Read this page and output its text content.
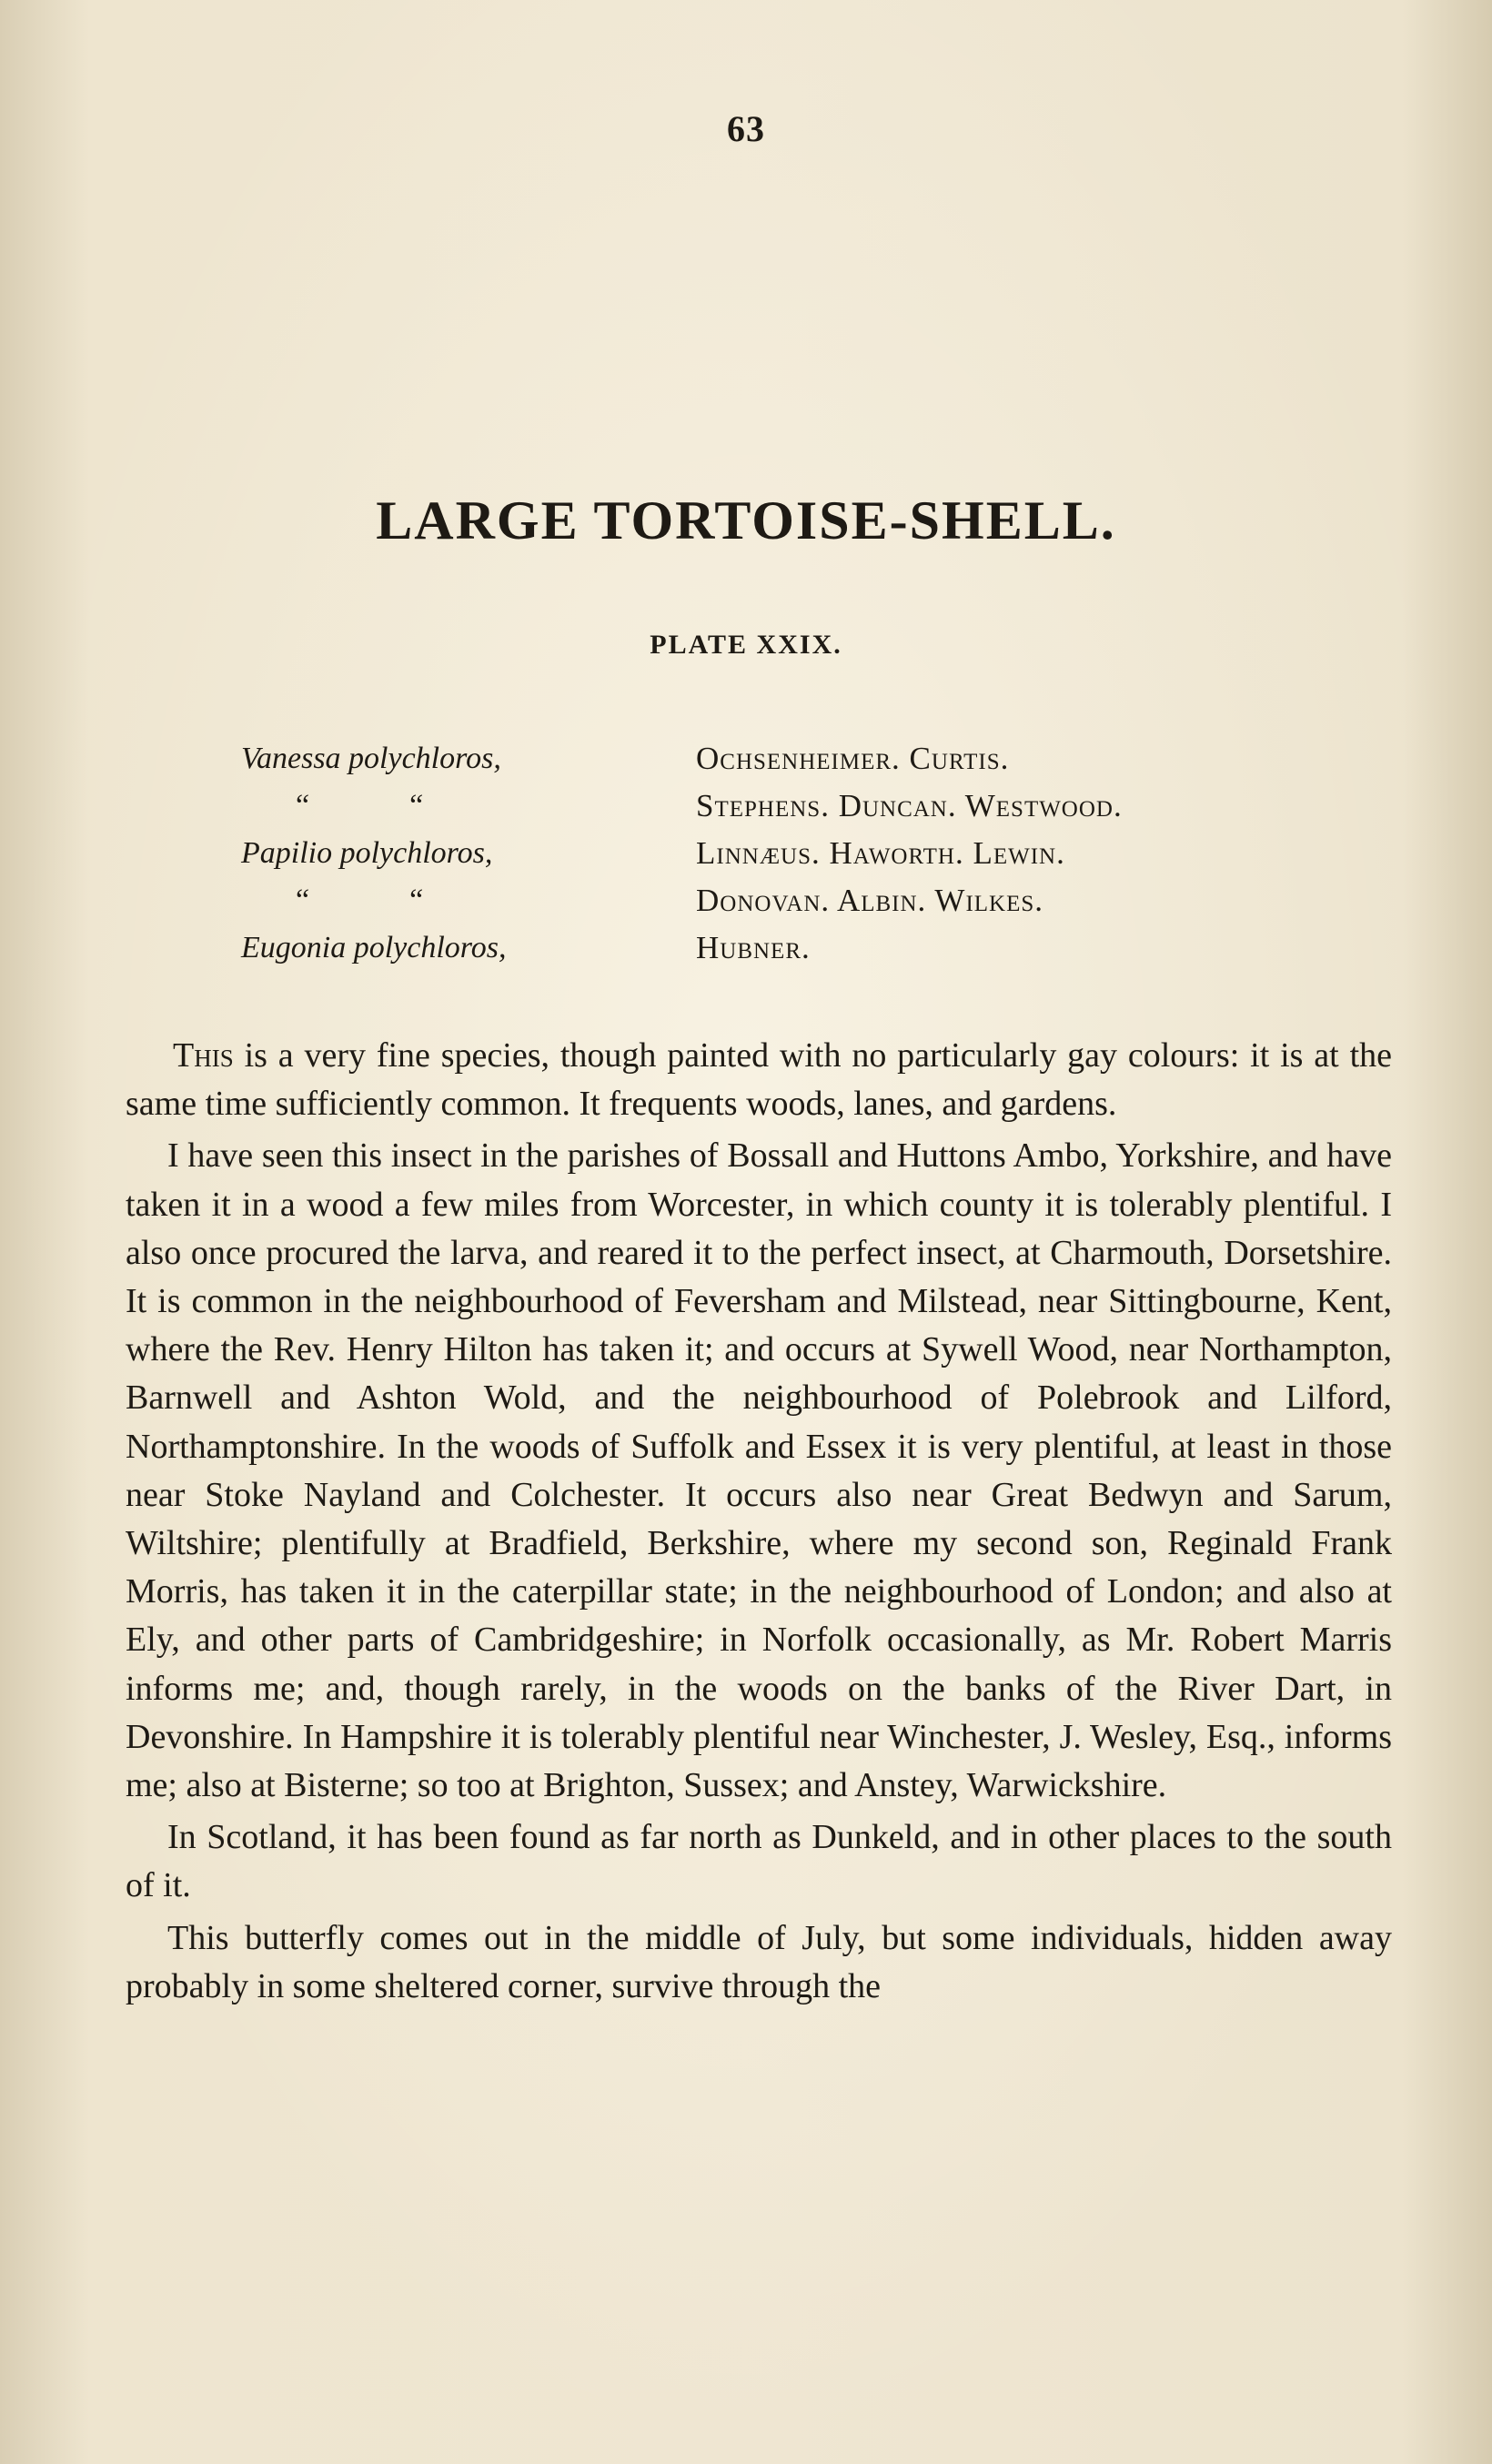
63
LARGE TORTOISE-SHELL.
PLATE XXIX.
Vanessa polychloros,	Ochsenheimer. Curtis.
“	“	Stephens. Duncan. Westwood.
Papilio polychloros,	Linnæus. Haworth. Lewin.
“	“	Donovan. Albin. Wilkes.
Eugonia polychloros,	Hubner.

This is a very fine species, though painted with no particularly gay colours: it is at the same time sufficiently common. It frequents woods, lanes, and gardens.

I have seen this insect in the parishes of Bossall and Huttons Ambo, Yorkshire, and have taken it in a wood a few miles from Worcester, in which county it is tolerably plentiful. I also once procured the larva, and reared it to the perfect insect, at Charmouth, Dorsetshire. It is common in the neighbourhood of Feversham and Milstead, near Sittingbourne, Kent, where the Rev. Henry Hilton has taken it; and occurs at Sywell Wood, near Northampton, Barnwell and Ashton Wold, and the neighbourhood of Polebrook and Lilford, Northamptonshire. In the woods of Suffolk and Essex it is very plentiful, at least in those near Stoke Nayland and Colchester. It occurs also near Great Bedwyn and Sarum, Wiltshire; plentifully at Bradfield, Berkshire, where my second son, Reginald Frank Morris, has taken it in the caterpillar state; in the neighbourhood of London; and also at Ely, and other parts of Cambridgeshire; in Norfolk occasionally, as Mr. Robert Marris informs me; and, though rarely, in the woods on the banks of the River Dart, in Devonshire. In Hampshire it is tolerably plentiful near Winchester, J. Wesley, Esq., informs me; also at Bisterne; so too at Brighton, Sussex; and Anstey, Warwickshire.

In Scotland, it has been found as far north as Dunkeld, and in other places to the south of it.

This butterfly comes out in the middle of July, but some individuals, hidden away probably in some sheltered corner, survive through the
